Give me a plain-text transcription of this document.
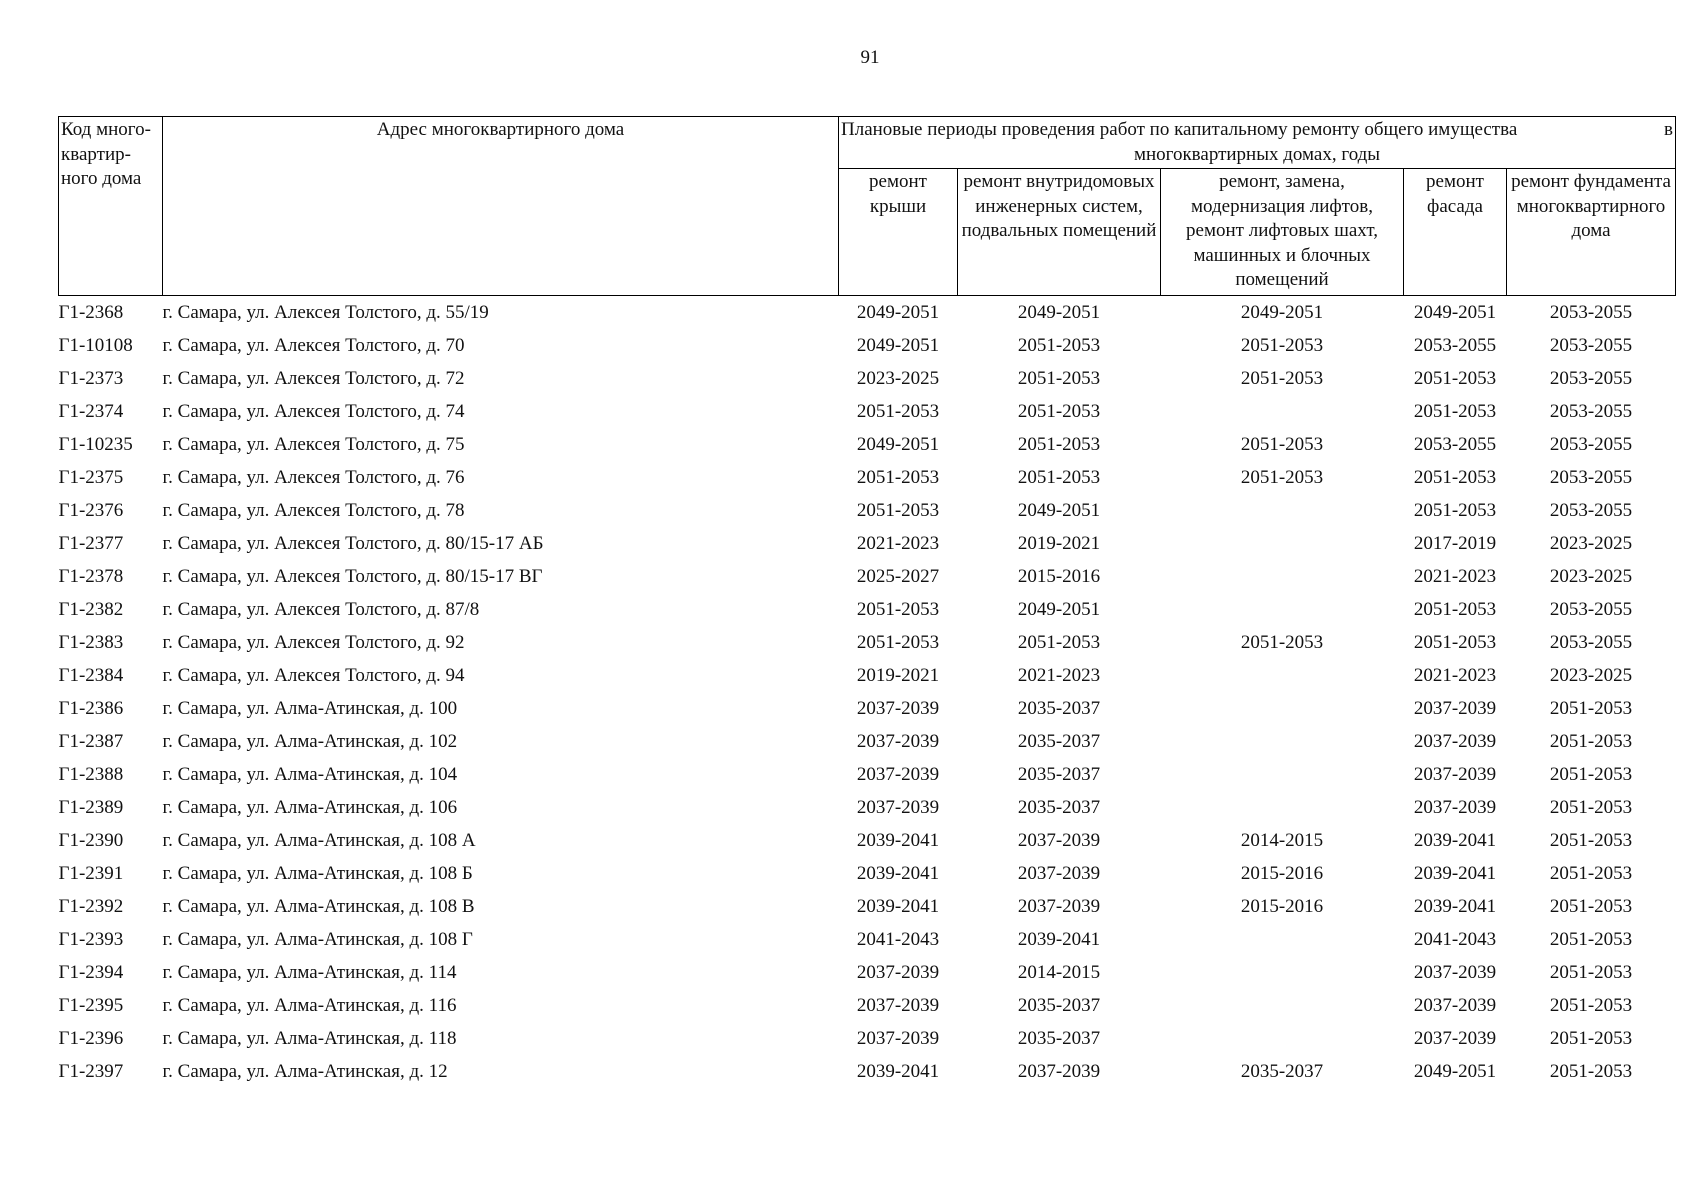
91
Код много-квартир-ного дома	Адрес многоквартирного дома	Плановые периоды проведения работ по капитальному ремонту общего имущества в
многоквартирных домах, годы				

		ремонт крыши	ремонт внутридомовых инженерных систем, подвальных помещений	ремонт, замена, модернизация лифтов, ремонт лифтовых шахт, машинных и блочных помещений	ремонт фасада	ремонт фундамента многоквартирного дома
Г1-2368	г. Самара, ул. Алексея Толстого, д. 55/19	2049-2051	2049-2051	2049-2051	2049-2051	2053-2055
Г1-10108	г. Самара, ул. Алексея Толстого, д. 70	2049-2051	2051-2053	2051-2053	2053-2055	2053-2055
Г1-2373	г. Самара, ул. Алексея Толстого, д. 72	2023-2025	2051-2053	2051-2053	2051-2053	2053-2055
Г1-2374	г. Самара, ул. Алексея Толстого, д. 74	2051-2053	2051-2053		2051-2053	2053-2055
Г1-10235	г. Самара, ул. Алексея Толстого, д. 75	2049-2051	2051-2053	2051-2053	2053-2055	2053-2055
Г1-2375	г. Самара, ул. Алексея Толстого, д. 76	2051-2053	2051-2053	2051-2053	2051-2053	2053-2055
Г1-2376	г. Самара, ул. Алексея Толстого, д. 78	2051-2053	2049-2051		2051-2053	2053-2055
Г1-2377	г. Самара, ул. Алексея Толстого, д. 80/15-17 АБ	2021-2023	2019-2021		2017-2019	2023-2025
Г1-2378	г. Самара, ул. Алексея Толстого, д. 80/15-17 ВГ	2025-2027	2015-2016		2021-2023	2023-2025
Г1-2382	г. Самара, ул. Алексея Толстого, д. 87/8	2051-2053	2049-2051		2051-2053	2053-2055
Г1-2383	г. Самара, ул. Алексея Толстого, д. 92	2051-2053	2051-2053	2051-2053	2051-2053	2053-2055
Г1-2384	г. Самара, ул. Алексея Толстого, д. 94	2019-2021	2021-2023		2021-2023	2023-2025
Г1-2386	г. Самара, ул. Алма-Атинская, д. 100	2037-2039	2035-2037		2037-2039	2051-2053
Г1-2387	г. Самара, ул. Алма-Атинская, д. 102	2037-2039	2035-2037		2037-2039	2051-2053
Г1-2388	г. Самара, ул. Алма-Атинская, д. 104	2037-2039	2035-2037		2037-2039	2051-2053
Г1-2389	г. Самара, ул. Алма-Атинская, д. 106	2037-2039	2035-2037		2037-2039	2051-2053
Г1-2390	г. Самара, ул. Алма-Атинская, д. 108 А	2039-2041	2037-2039	2014-2015	2039-2041	2051-2053
Г1-2391	г. Самара, ул. Алма-Атинская, д. 108 Б	2039-2041	2037-2039	2015-2016	2039-2041	2051-2053
Г1-2392	г. Самара, ул. Алма-Атинская, д. 108 В	2039-2041	2037-2039	2015-2016	2039-2041	2051-2053
Г1-2393	г. Самара, ул. Алма-Атинская, д. 108 Г	2041-2043	2039-2041		2041-2043	2051-2053
Г1-2394	г. Самара, ул. Алма-Атинская, д. 114	2037-2039	2014-2015		2037-2039	2051-2053
Г1-2395	г. Самара, ул. Алма-Атинская, д. 116	2037-2039	2035-2037		2037-2039	2051-2053
Г1-2396	г. Самара, ул. Алма-Атинская, д. 118	2037-2039	2035-2037		2037-2039	2051-2053
Г1-2397	г. Самара, ул. Алма-Атинская, д. 12	2039-2041	2037-2039	2035-2037	2049-2051	2051-2053
